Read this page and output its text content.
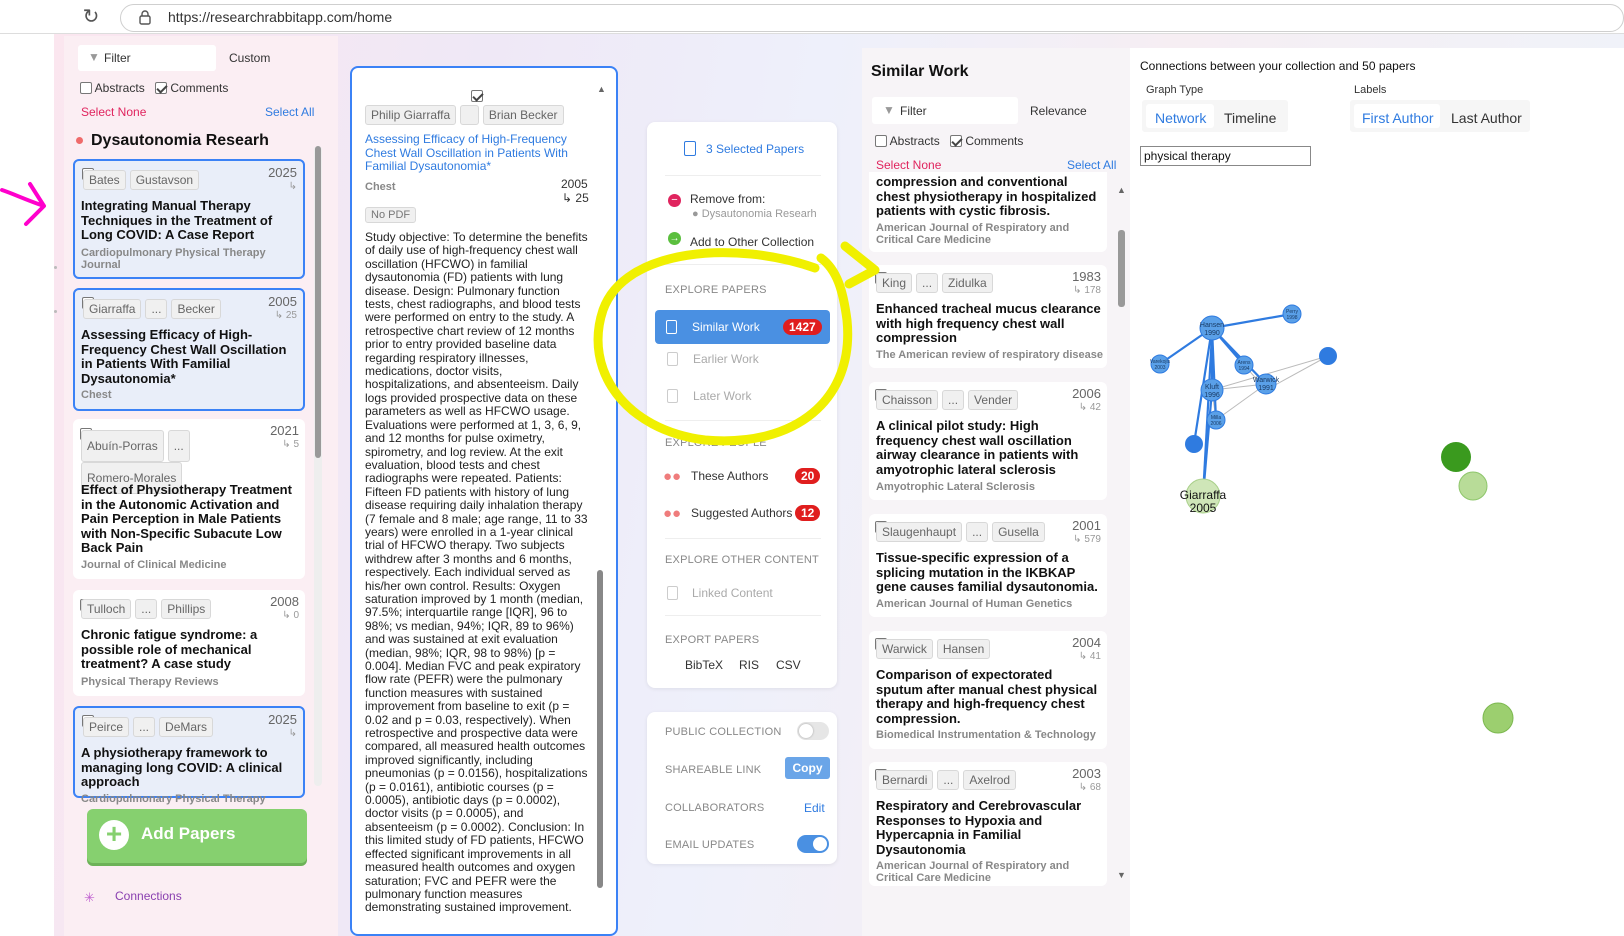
↻	https://researchrabbitapp.com/home
▼ Filter	Custom
Abstracts	Comments
Select None	Select All
Dysautonomia Researh
Bates Gustavson	2025
↳
Integrating Manual Therapy Techniques in the Treatment of Long COVID: A Case Report
Cardiopulmonary Physical Therapy Journal
Giarraffa ... Becker	2005
↳ 25
Assessing Efficacy of High-Frequency Chest Wall Oscillation in Patients With Familial Dysautonomia*
Chest
Abuín-Porras ...Romero-Morales
2021
↳ 5
Effect of Physiotherapy Treatment in the Autonomic Activation and Pain Perception in Male Patients with Non-Specific Subacute Low Back Pain
Journal of Clinical Medicine
Tulloch ... Phillips	2008
↳ 0
Chronic fatigue syndrome: a possible role of mechanical treatment? A case study
Physical Therapy Reviews
Peirce ... DeMars	2025
↳
A physiotherapy framework to managing long COVID: A clinical approach
Cardiopulmonary Physical Therapy
+	Add Papers
✳ Connections
Philip Giarraffa	Brian Becker
Assessing Efficacy of High-Frequency Chest Wall Oscillation in Patients With Familial Dysautonomia*
Chest	2005
↳ 25
No PDF
Study objective: To determine the benefits of daily use of high-frequency chest wall oscillation (HFCWO) in familial dysautonomia (FD) patients with lung disease. Design: Pulmonary function tests, chest radiographs, and blood tests were performed on entry to the study. A retrospective chart review of 12 months prior to entry provided baseline data regarding respiratory illnesses, medications, doctor visits, hospitalizations, and absenteeism. Daily logs provided prospective data on these parameters as well as HFCWO usage. Evaluations were performed at 1, 3, 6, 9, and 12 months for pulse oximetry, spirometry, and log review. At the exit evaluation, blood tests and chest radiographs were repeated. Patients: Fifteen FD patients with history of lung disease requiring daily inhalation therapy (7 female and 8 male; age range, 11 to 33 years) were enrolled in a 1-year clinical trial of HFCWO therapy. Two subjects withdrew after 3 months and 6 months, respectively. Each individual served as his/her own control. Results: Oxygen saturation improved by 1 month (median, 97.5%; interquartile range [IQR], 96 to 98%; vs median, 94%; IQR, 89 to 96%) and was sustained at exit evaluation (median, 98%; IQR, 98 to 98%) [p = 0.004]. Median FVC and peak expiratory flow rate (PEFR) were the pulmonary function measures with sustained improvement from baseline to exit (p = 0.02 and p = 0.03, respectively). When retrospective and prospective data were compared, all measured health outcomes improved significantly, including pneumonias (p = 0.0156), hospitalizations (p = 0.0161), antibiotic courses (p = 0.0005), antibiotic days (p = 0.0002), doctor visits (p = 0.0005), and absenteeism (p = 0.0002). Conclusion: In this limited study of FD patients, HFCWO effected significant improvements in all measured health outcomes and oxygen saturation; FVC and PEFR were the pulmonary function measures demonstrating sustained improvement.
▲
3 Selected Papers
− Remove from:
● Dysautonomia Researh
→ Add to Other Collection
EXPLORE PAPERS
Similar Work	1427
Earlier Work
Later Work
EXPLORE PEOPLE
●● These Authors	20
●● Suggested Authors 12
EXPLORE OTHER CONTENT
Linked Content
EXPORT PAPERS
BibTeX RIS CSV
PUBLIC COLLECTION
SHAREABLE LINK	Copy
COLLABORATORS	Edit
EMAIL UPDATES
Similar Work
▼ Filter	Relevance
Abstracts	Comments
Select None	Select All
▲
▼
compression and conventional chest physiotherapy in hospitalized patients with cystic fibrosis.
American Journal of Respiratory and Critical Care Medicine
King ... Zidulka	1983
↳ 178
Enhanced tracheal mucus clearance with high frequency chest wall compression
The American review of respiratory disease
Chaisson ... Vender	2006
↳ 42
A clinical pilot study: High frequency chest wall oscillation airway clearance in patients with amyotrophic lateral sclerosis
Amyotrophic Lateral Sclerosis
Slaugenhaupt ... Gusella	2001
↳ 579
Tissue-specific expression of a splicing mutation in the IKBKAP gene causes familial dysautonomia.
American Journal of Human Genetics
Warwick Hansen	2004
↳ 41
Comparison of expectorated sputum after manual chest physical therapy and high-frequency chest compression.
Biomedical Instrumentation & Technology
Bernardi ... Axelrod	2003
↳ 68
Respiratory and Cerebrovascular Responses to Hypoxia and Hypercapnia in Familial Dysautonomia
American Journal of Respiratory and Critical Care Medicine
Connections between your collection and 50 papers
Graph Type
Network Timeline
Labels
First Author Last Author
physical therapy
Hansen
1990
Perry
1998
Varekojis
2003
Arens
1994
Warwick
1991
Kluft
1996
Milla
2006
Giarraffa
2005
